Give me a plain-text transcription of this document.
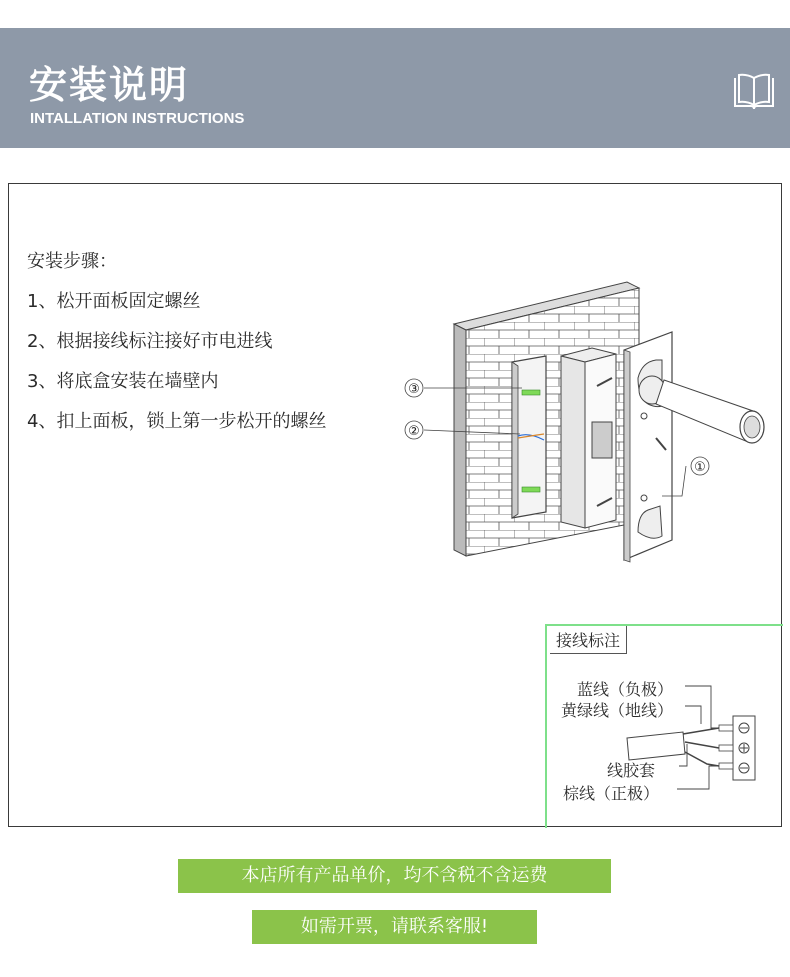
安装说明
INTALLATION INSTRUCTIONS
安装步骤：
1、松开面板固定螺丝
2、根据接线标注接好市电进线
3、将底盒安装在墙壁内
4、扣上面板，锁上第一步松开的螺丝
③
②
①
接线标注
蓝线（负极）
黄绿线（地线）
线胶套
棕线（正极）
本店所有产品单价，均不含税不含运费
如需开票，请联系客服!
